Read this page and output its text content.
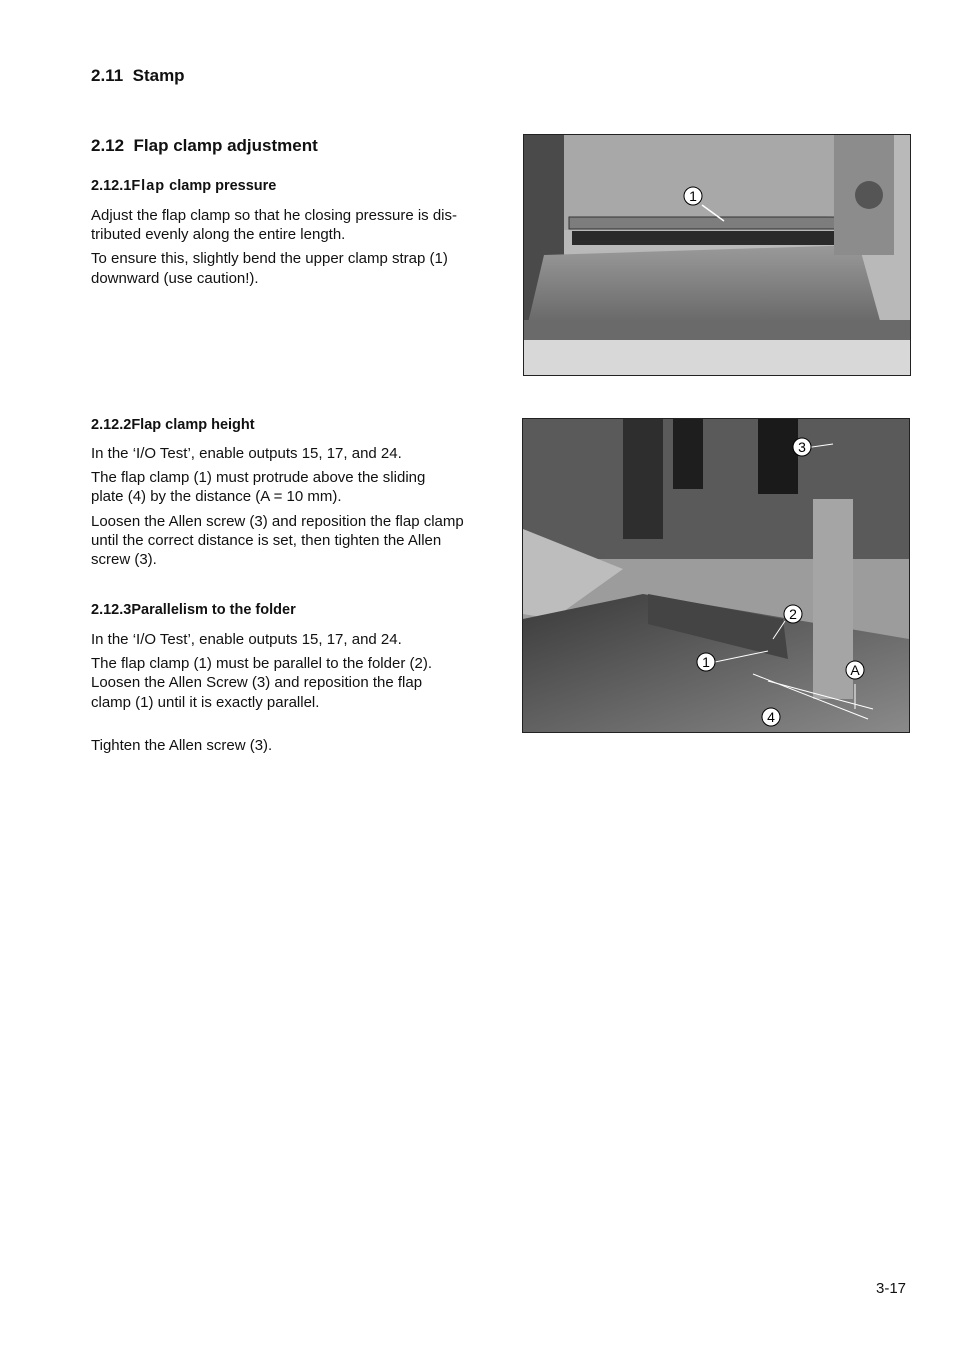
2.11 Stamp
2.12 Flap clamp adjustment
2.12.1Flap clamp pressure

Adjust the flap clamp so that he closing pressure is dis-
tributed evenly along the entire length.

To ensure this, slightly bend the upper clamp strap (1)
downward (use caution!).

2.12.2Flap clamp height

In the ‘I/O Test’, enable outputs 15, 17, and 24.

The flap clamp (1) must protrude above the sliding
plate (4) by the distance (A = 10 mm).

Loosen the Allen screw (3) and reposition the flap clamp
until the correct distance is set, then tighten the Allen
screw (3).

2.12.3Parallelism to the folder

In the ‘I/O Test’, enable outputs 15, 17, and 24.

The flap clamp (1) must be parallel to the folder (2).
Loosen the Allen Screw (3) and reposition the flap
clamp (1) until it is exactly parallel.

Tighten the Allen screw (3).

1
3
2
1	A
4
3-17
